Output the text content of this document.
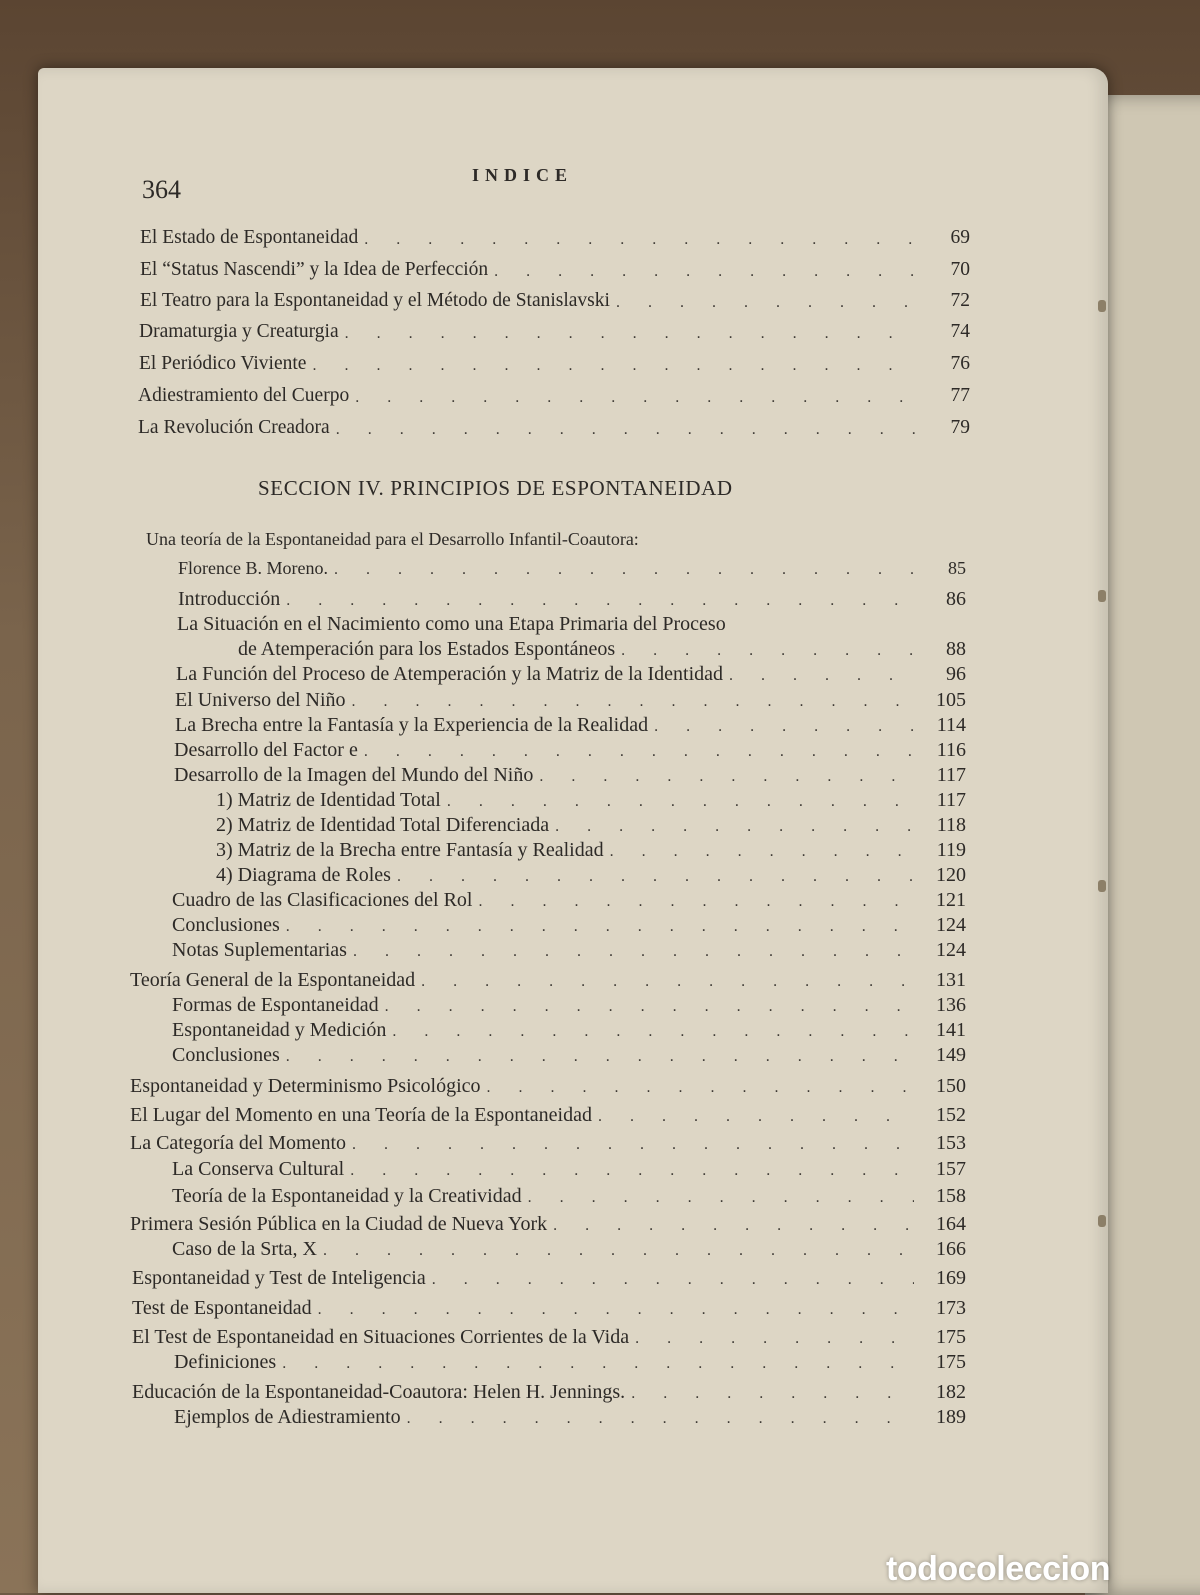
364	INDICE
El Estado de Espontaneidad . . .	69
El “Status Nascendi” y la Idea de Perfección . . .	70
El Teatro para la Espontaneidad y el Método de Stanislavski . . .	72
Dramaturgia y Creaturgia . . .	74
El Periódico Viviente . . .	76
Adiestramiento del Cuerpo . . .	77
La Revolución Creadora . . .	79
SECCION IV. PRINCIPIOS DE ESPONTANEIDAD
Una teoría de la Espontaneidad para el Desarrollo Infantil-Coautora:
Florence B. Moreno. . . .	85
Introducción . . .	86
La Situación en el Nacimiento como una Etapa Primaria del Proceso
de Atemperación para los Estados Espontáneos . . .	88
La Función del Proceso de Atemperación y la Matriz de la Identidad . . .	96
El Universo del Niño . . .	105
La Brecha entre la Fantasía y la Experiencia de la Realidad . . .	114
Desarrollo del Factor e . . .	116
Desarrollo de la Imagen del Mundo del Niño . . .	117
1) Matriz de Identidad Total . . .	117
2) Matriz de Identidad Total Diferenciada . . .	118
3) Matriz de la Brecha entre Fantasía y Realidad . . .	119
4) Diagrama de Roles . . .	120
Cuadro de las Clasificaciones del Rol . . .	121
Conclusiones . . .	124
Notas Suplementarias . . .	124
Teoría General de la Espontaneidad . . .	131
Formas de Espontaneidad . . .	136
Espontaneidad y Medición . . .	141
Conclusiones . . .	149
Espontaneidad y Determinismo Psicológico . . .	150
El Lugar del Momento en una Teoría de la Espontaneidad . . .	152
La Categoría del Momento . . .	153
La Conserva Cultural . . .	157
Teoría de la Espontaneidad y la Creatividad . . .	158
Primera Sesión Pública en la Ciudad de Nueva York . . .	164
Caso de la Srta, X . . .	166
Espontaneidad y Test de Inteligencia . . .	169
Test de Espontaneidad . . .	173
El Test de Espontaneidad en Situaciones Corrientes de la Vida . . .	175
Definiciones . . .	175
Educación de la Espontaneidad-Coautora: Helen H. Jennings. . . .	182
Ejemplos de Adiestramiento . . .	189
todocoleccion
